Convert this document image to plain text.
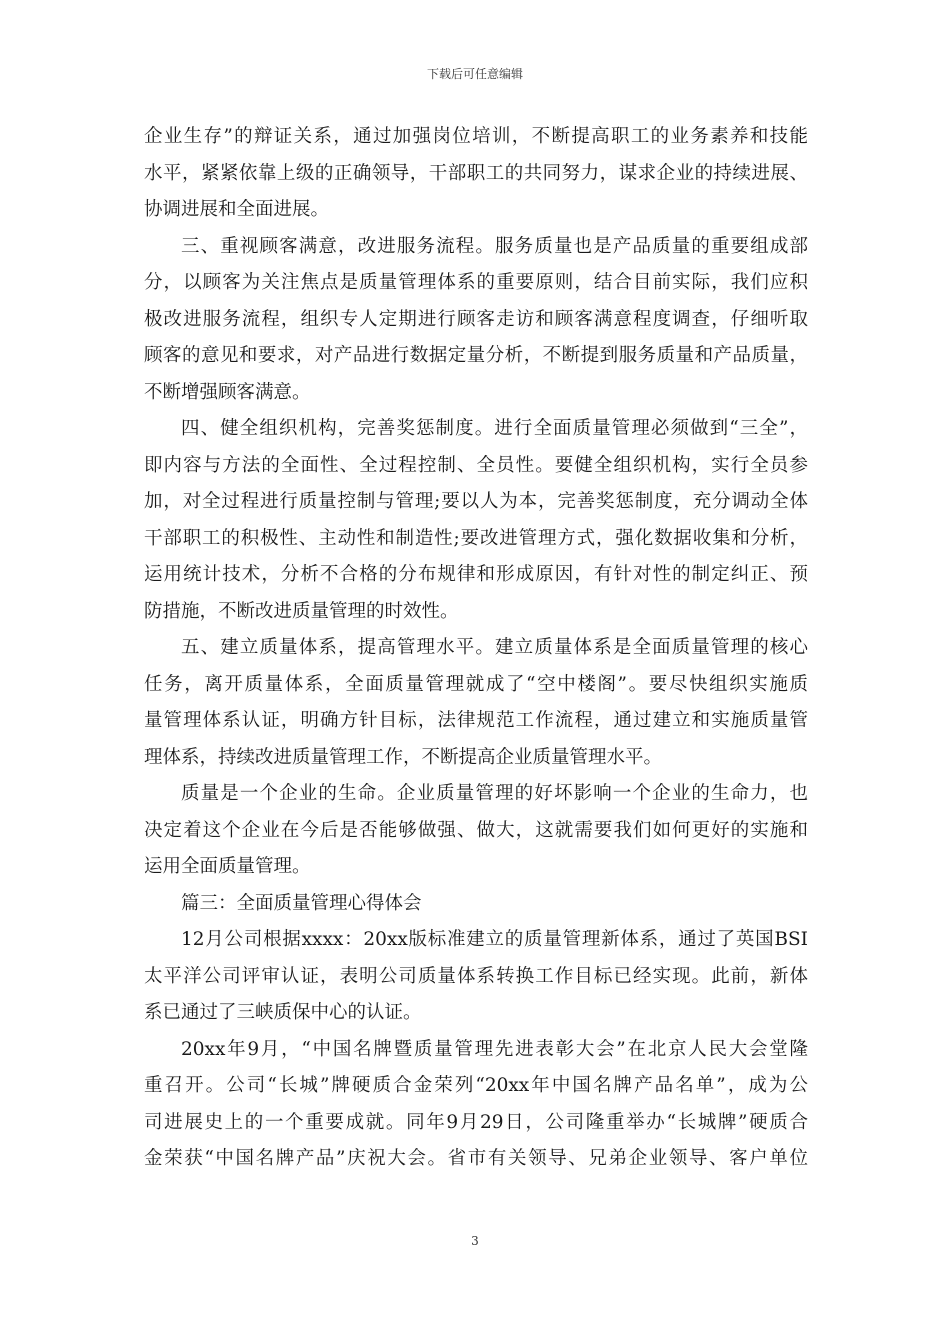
下载后可任意编辑
企业生存”的辩证关系，通过加强岗位培训，不断提高职工的业务素养和技能
水平，紧紧依靠上级的正确领导，干部职工的共同努力，谋求企业的持续进展、
协调进展和全面进展。
三、重视顾客满意，改进服务流程。服务质量也是产品质量的重要组成部
分，以顾客为关注焦点是质量管理体系的重要原则，结合目前实际，我们应积
极改进服务流程，组织专人定期进行顾客走访和顾客满意程度调查，仔细听取
顾客的意见和要求，对产品进行数据定量分析，不断提到服务质量和产品质量，
不断增强顾客满意。
四、健全组织机构，完善奖惩制度。进行全面质量管理必须做到“三全”，
即内容与方法的全面性、全过程控制、全员性。要健全组织机构，实行全员参
加，对全过程进行质量控制与管理;要以人为本，完善奖惩制度，充分调动全体
干部职工的积极性、主动性和制造性;要改进管理方式，强化数据收集和分析，
运用统计技术，分析不合格的分布规律和形成原因，有针对性的制定纠正、预
防措施，不断改进质量管理的时效性。
五、建立质量体系，提高管理水平。建立质量体系是全面质量管理的核心
任务，离开质量体系，全面质量管理就成了“空中楼阁”。要尽快组织实施质
量管理体系认证，明确方针目标，法律规范工作流程，通过建立和实施质量管
理体系，持续改进质量管理工作，不断提高企业质量管理水平。
质量是一个企业的生命。企业质量管理的好坏影响一个企业的生命力，也
决定着这个企业在今后是否能够做强、做大，这就需要我们如何更好的实施和
运用全面质量管理。
篇三：全面质量管理心得体会
12月公司根据xxxx：20xx版标准建立的质量管理新体系，通过了英国BSI
太平洋公司评审认证，表明公司质量体系转换工作目标已经实现。此前，新体
系已通过了三峡质保中心的认证。
20xx年9月，“中国名牌暨质量管理先进表彰大会”在北京人民大会堂隆
重召开。公司“长城”牌硬质合金荣列“20xx年中国名牌产品名单”，成为公
司进展史上的一个重要成就。同年9月29日，公司隆重举办“长城牌”硬质合
金荣获“中国名牌产品”庆祝大会。省市有关领导、兄弟企业领导、客户单位
3
